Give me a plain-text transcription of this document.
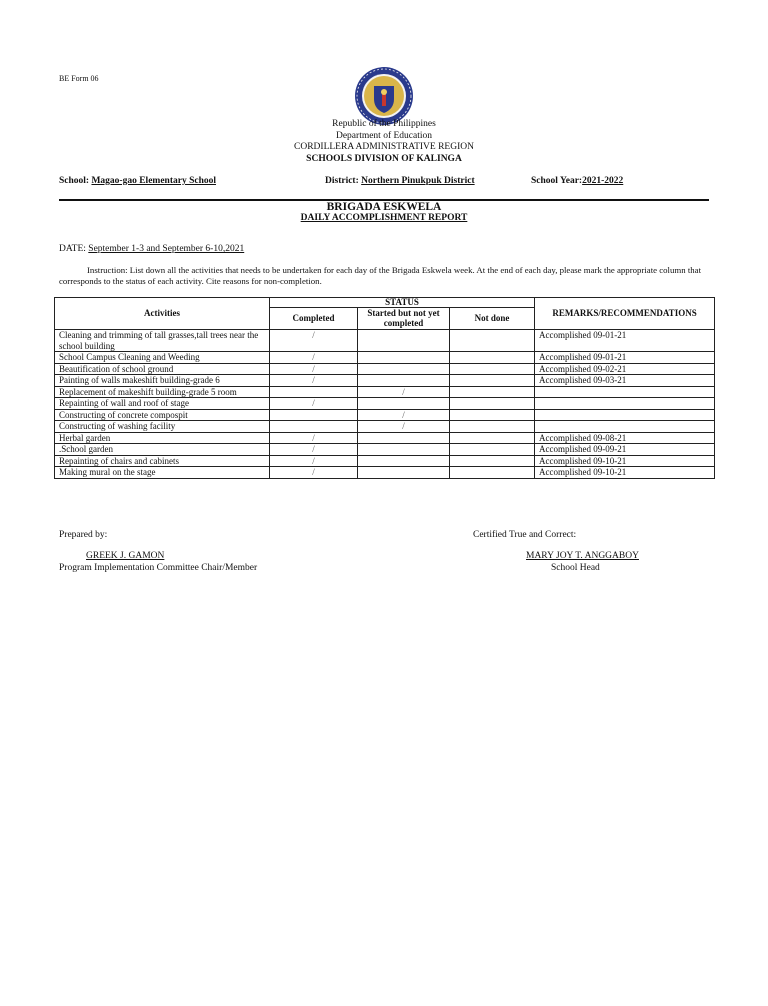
BE Form 06
Republic of the Philippines
Department of Education
CORDILLERA ADMINISTRATIVE REGION
SCHOOLS DIVISION OF KALINGA
School: Magao-gao Elementary School	District: Northern Pinukpuk District	School Year:2021-2022
BRIGADA ESKWELA
DAILY ACCOMPLISHMENT REPORT
DATE: September 1-3 and September 6-10,2021
Instruction: List down all the activities that needs to be undertaken for each day of the Brigada Eskwela week. At the end of each day, please mark the appropriate column that corresponds to the status of each activity. Cite reasons for non-completion.
Activities	STATUS			REMARKS/RECOMMENDATIONS
	Completed	Started but not yet completed	Not done	
Cleaning and trimming of tall grasses,tall trees near the school building	/			Accomplished 09-01-21
School Campus Cleaning and Weeding	/			Accomplished 09-01-21
Beautification of school ground	/			Accomplished 09-02-21
Painting of walls makeshift building-grade 6	/			Accomplished 09-03-21
Replacement of makeshift building-grade 5 room		/		
Repainting of wall and roof of stage	/			
Constructing of concrete compospit		/		
Constructing of washing facility		/		
Herbal garden	/			Accomplished 09-08-21
.School garden	/			Accomplished 09-09-21
Repainting of chairs and cabinets	/			Accomplished 09-10-21
Making mural on the stage	/			Accomplished 09-10-21
Prepared by:
GREEK J. GAMON
Program Implementation Committee Chair/Member
Certified True and Correct:
MARY JOY T. ANGGABOY
School Head
